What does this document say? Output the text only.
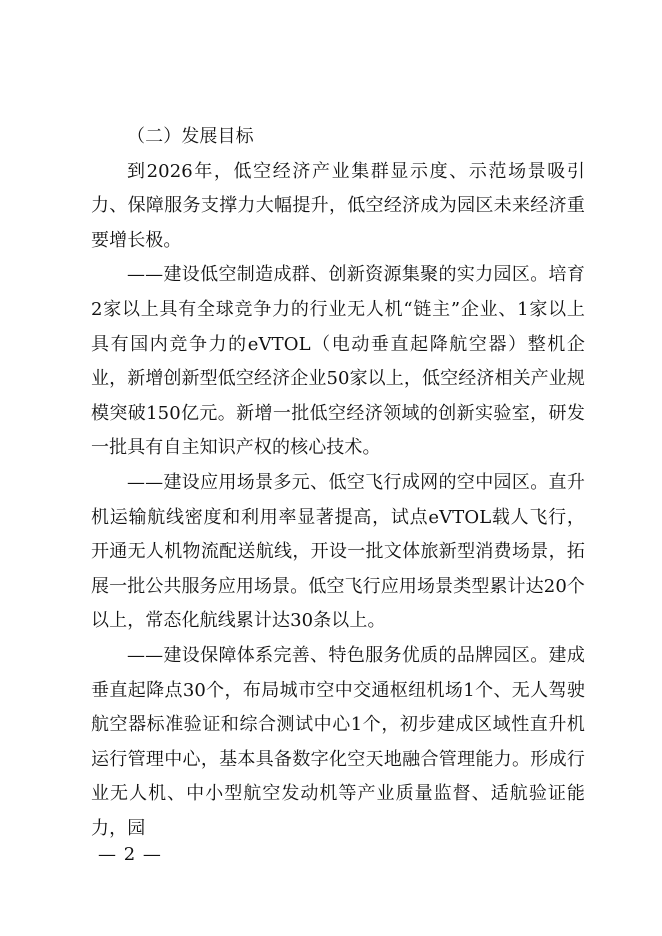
（二）发展目标

到2026年，低空经济产业集群显示度、示范场景吸引力、保障服务支撑力大幅提升，低空经济成为园区未来经济重要增长极。

——建设低空制造成群、创新资源集聚的实力园区。培育2家以上具有全球竞争力的行业无人机“链主”企业、1家以上具有国内竞争力的eVTOL（电动垂直起降航空器）整机企业，新增创新型低空经济企业50家以上，低空经济相关产业规模突破150亿元。新增一批低空经济领域的创新实验室，研发一批具有自主知识产权的核心技术。

——建设应用场景多元、低空飞行成网的空中园区。直升机运输航线密度和利用率显著提高，试点eVTOL载人飞行，开通无人机物流配送航线，开设一批文体旅新型消费场景，拓展一批公共服务应用场景。低空飞行应用场景类型累计达20个以上，常态化航线累计达30条以上。

——建设保障体系完善、特色服务优质的品牌园区。建成垂直起降点30个，布局城市空中交通枢纽机场1个、无人驾驶航空器标准验证和综合测试中心1个，初步建成区域性直升机运行管理中心，基本具备数字化空天地融合管理能力。形成行业无人机、中小型航空发动机等产业质量监督、适航验证能力，园

— 2 —
